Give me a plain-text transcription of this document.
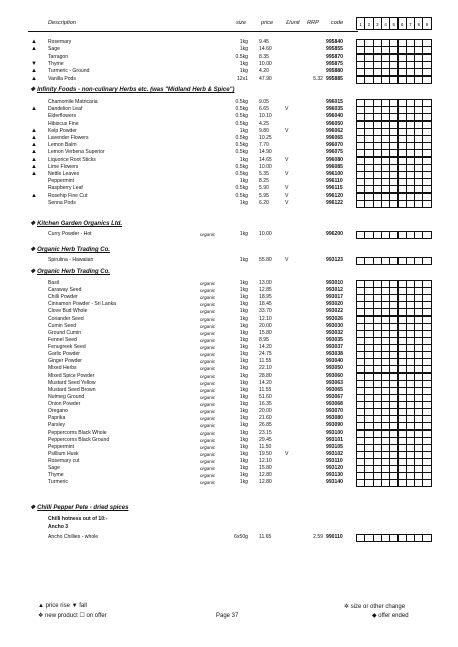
Description	size	price £/unit RRP code
▲ Rosemary	1kg 9.45	995840
▲ Sage	1kg 14.60	995855
Tarragon	0.5kg 8.35	995870
▼ Thyme	1kg 10.00	995875
▲ Turmeric - Ground	1kg 4.20	995880
▲ Vanilla Pods	12x1 47.90	5.32 995885
❖ Infinity Foods - non-culinary Herbs etc. (was "Midland Herb & Spice")
Chamomile Matricaria	0.5kg 9.05	996015
▲ Dandelion Leaf	0.5kg 6.65	V	996035
Elderflowers	0.5kg 10.10	996040
Hibiscus Fine	0.5kg 4.25	996050
▲ Kelp Powder	1kg 9.80	V	996062
▲ Lavender Flowers	0.5kg 10.25	996065
▲ Lemon Balm	0.5kg 7.70	996070
▲ Lemon Verbena Superior	0.5kg 14.90	996075
▲ Liquorice Root Sticks	1kg 14.65	V	996080
▲ Lime Flowers	0.5kg 10.00	996085
▲ Nettle Leaves	0.5kg 5.35	V	996100
Peppermint	1kg 8.25	996110
Raspberry Leaf	0.5kg 5.90	V	996115
▲ Rosehip Fine Cut	0.5kg 5.95	V	996120
Senna Pods	1kg 6.20	V	996122
❖ Kitchen Garden Organics Ltd.
Curry Powder - Hot	organic	1kg 10.00	996200
❖ Organic Herb Trading Co.
Spirulina - Hawaiian	1kg 55.80	V	993123
❖ Organic Herb Trading Co.
Basil	organic	1kg 13.00	993010
Caraway Seed	organic	1kg 12.85	993012
Chilli Powder	organic	1kg 18.95	993017
Cinnamon Powder - Sri Lanka	organic	1kg 18.45	993020
Clove Bud Whole	organic	1kg 33.70	993022
Coriander Seed	organic	1kg 12.10	993026
Cumin Seed	organic	1kg 20.00	993030
Ground Cumin	organic	1kg 15.80	993032
Fennel Seed	organic	1kg 8.95	993035
Fenugreek Seed	organic	1kg 14.20	993037
Garlic Powder	organic	1kg 24.75	993038
Ginger Powder	organic	1kg 11.55	993040
Mixed Herbs	organic	1kg 22.10	993050
Mixed Spice Powder	organic	1kg 28.80	993060
Mustard Seed Yellow	organic	1kg 14.20	993063
Mustard Seed Brown	organic	1kg 11.55	993065
Nutmeg Ground	organic	1kg 51.60	993067
Onion Powder	organic	1kg 16.35	993068
Oregano	organic	1kg 20.00	993070
Paprika	organic	1kg 21.60	993080
Parsley	organic	1kg 26.85	993090
Peppercorns Black Whole	organic	1kg 23.15	993100
Peppercorns Black Ground	organic	1kg 29.45	993101
Peppermint	organic	1kg 11.50	993105
Psillium Husk	organic	1kg 19.50	V	993102
Rosemary cut	organic	1kg 12.10	993110
Sage	organic	1kg 15.80	993120
Thyme	organic	1kg 12.80	993130
Turmeric	organic	1kg 12.80	993140
❖ Chilli Pepper Pete - dried spices
Chilli hotness out of 10:-
Ancho 3
Ancho Chillies - whole	6x50g 11.65	2.59 990110
1	2	3	4	5	6	7	8	9
▲ price rise ▼ fall
❖ new product ☐ on offer	Page 37
✲ size or other change
◆ offer ended
